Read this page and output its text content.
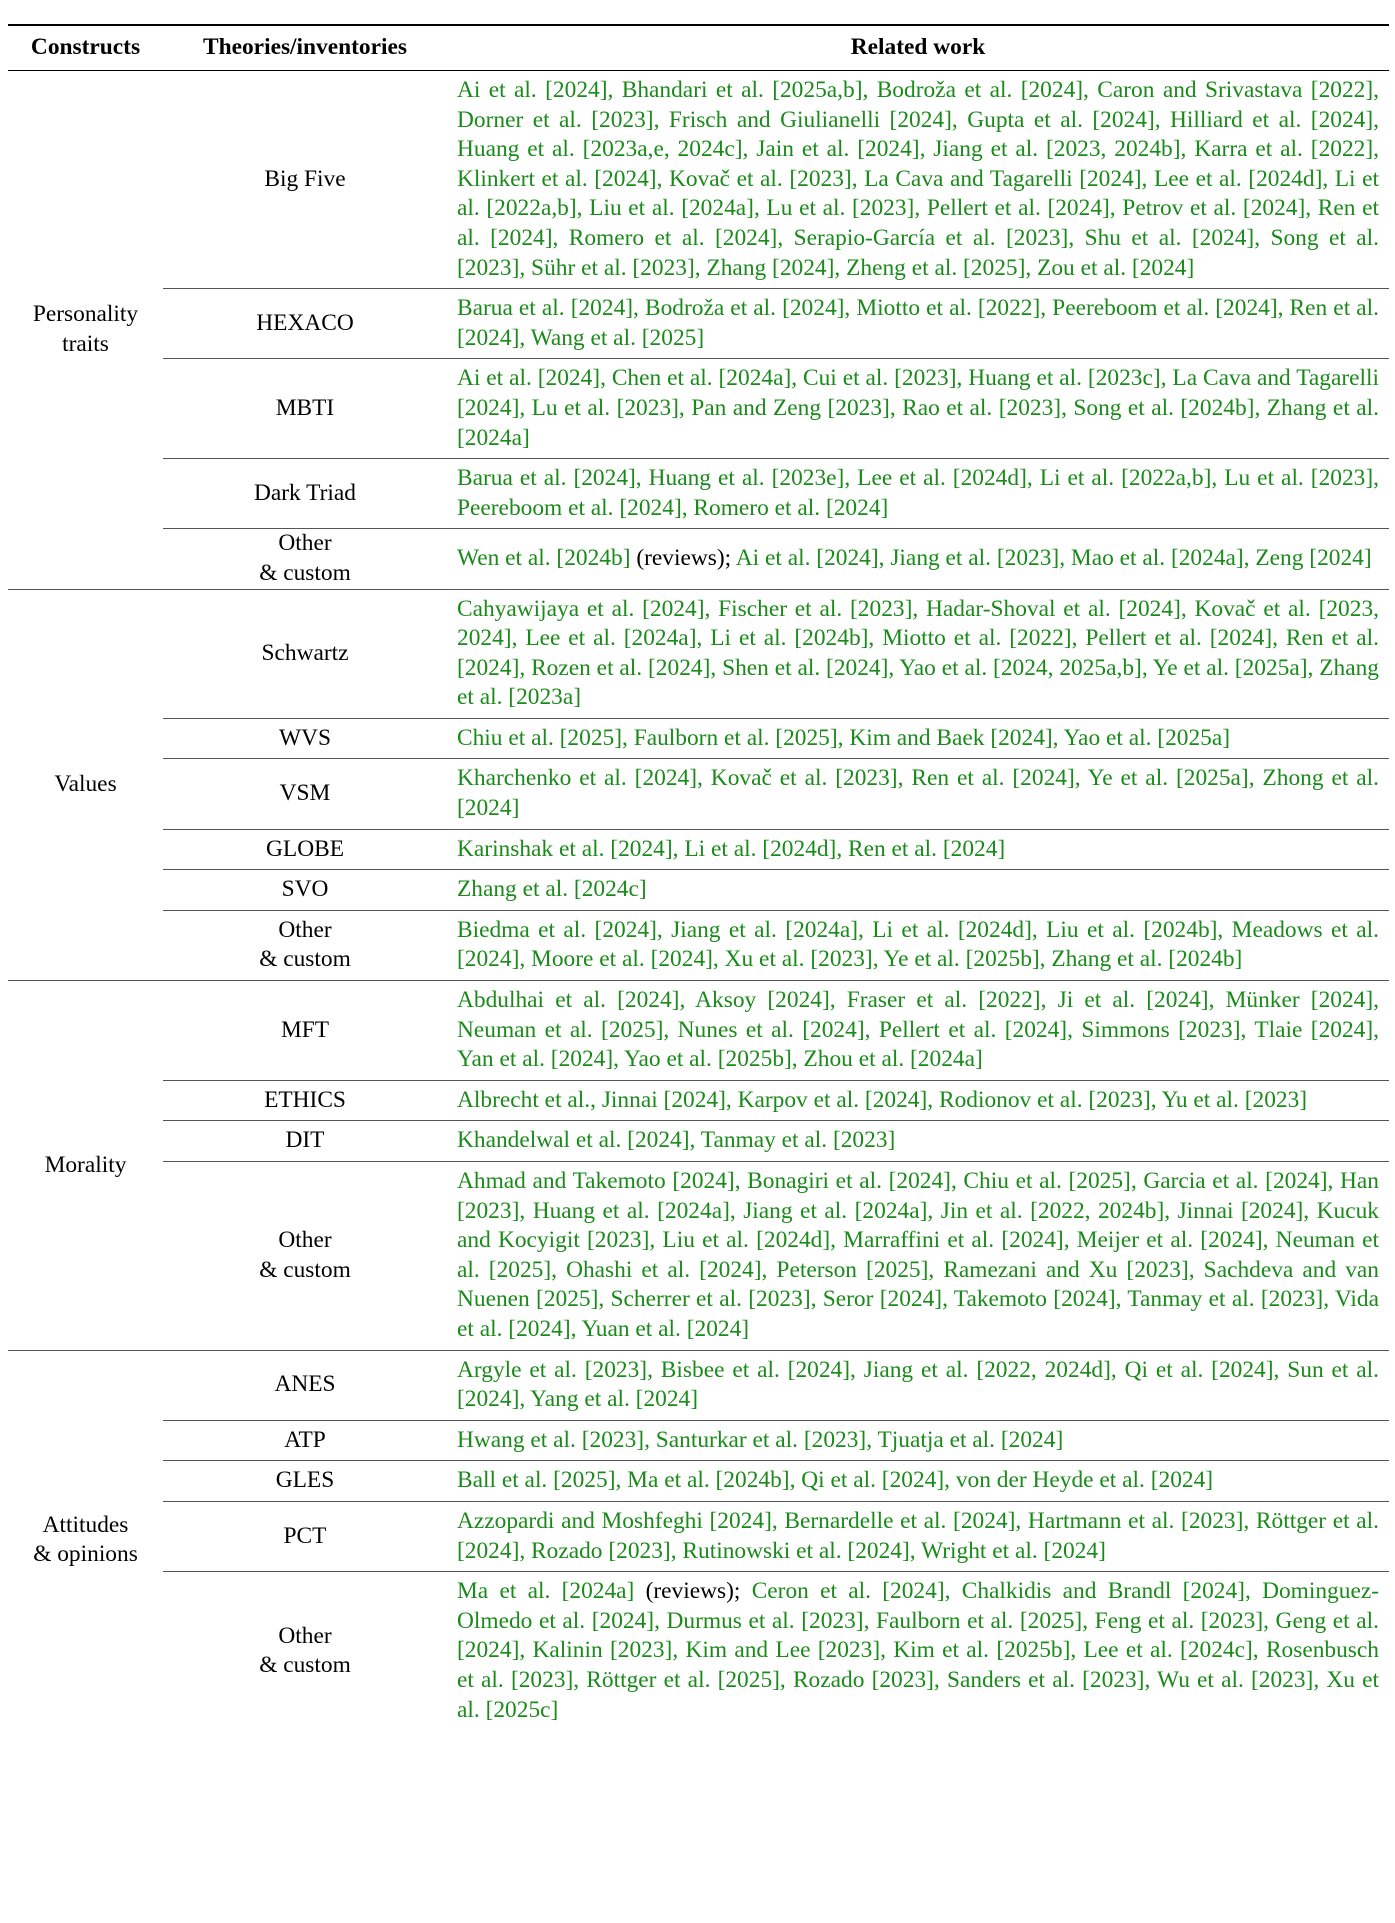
Constructs	Theories/inventories	Related work

Personality
traits	Big Five	Ai et al. [2024], Bhandari et al. [2025a,b], Bodroža et al. [2024], Caron and Srivastava [2022], Dorner et al. [2023], Frisch and Giulianelli [2024], Gupta et al. [2024], Hilliard et al. [2024], Huang et al. [2023a,e, 2024c], Jain et al. [2024], Jiang et al. [2023, 2024b], Karra et al. [2022], Klinkert et al. [2024], Kovač et al. [2023], La Cava and Tagarelli [2024], Lee et al. [2024d], Li et al. [2022a,b], Liu et al. [2024a], Lu et al. [2023], Pellert et al. [2024], Petrov et al. [2024], Ren et al. [2024], Romero et al. [2024], Serapio-García et al. [2023], Shu et al. [2024], Song et al. [2023], Sühr et al. [2023], Zhang [2024], Zheng et al. [2025], Zou et al. [2024]

	HEXACO	Barua et al. [2024], Bodroža et al. [2024], Miotto et al. [2022], Peereboom et al. [2024], Ren et al. [2024], Wang et al. [2025]

	MBTI	Ai et al. [2024], Chen et al. [2024a], Cui et al. [2023], Huang et al. [2023c], La Cava and Tagarelli [2024], Lu et al. [2023], Pan and Zeng [2023], Rao et al. [2023], Song et al. [2024b], Zhang et al. [2024a]

	Dark Triad	Barua et al. [2024], Huang et al. [2023e], Lee et al. [2024d], Li et al. [2022a,b], Lu et al. [2023], Peereboom et al. [2024], Romero et al. [2024]

	Other
& custom	Wen et al. [2024b] (reviews); Ai et al. [2024], Jiang et al. [2023], Mao et al. [2024a], Zeng [2024]

Values	Schwartz	Cahyawijaya et al. [2024], Fischer et al. [2023], Hadar-Shoval et al. [2024], Kovač et al. [2023, 2024], Lee et al. [2024a], Li et al. [2024b], Miotto et al. [2022], Pellert et al. [2024], Ren et al. [2024], Rozen et al. [2024], Shen et al. [2024], Yao et al. [2024, 2025a,b], Ye et al. [2025a], Zhang et al. [2023a]

	WVS	Chiu et al. [2025], Faulborn et al. [2025], Kim and Baek [2024], Yao et al. [2025a]

	VSM	Kharchenko et al. [2024], Kovač et al. [2023], Ren et al. [2024], Ye et al. [2025a], Zhong et al. [2024]

	GLOBE	Karinshak et al. [2024], Li et al. [2024d], Ren et al. [2024]

	SVO	Zhang et al. [2024c]

	Other
& custom	Biedma et al. [2024], Jiang et al. [2024a], Li et al. [2024d], Liu et al. [2024b], Meadows et al. [2024], Moore et al. [2024], Xu et al. [2023], Ye et al. [2025b], Zhang et al. [2024b]

Morality	MFT	Abdulhai et al. [2024], Aksoy [2024], Fraser et al. [2022], Ji et al. [2024], Münker [2024], Neuman et al. [2025], Nunes et al. [2024], Pellert et al. [2024], Simmons [2023], Tlaie [2024], Yan et al. [2024], Yao et al. [2025b], Zhou et al. [2024a]

	ETHICS	Albrecht et al., Jinnai [2024], Karpov et al. [2024], Rodionov et al. [2023], Yu et al. [2023]

	DIT	Khandelwal et al. [2024], Tanmay et al. [2023]

	Other
& custom	Ahmad and Takemoto [2024], Bonagiri et al. [2024], Chiu et al. [2025], Garcia et al. [2024], Han [2023], Huang et al. [2024a], Jiang et al. [2024a], Jin et al. [2022, 2024b], Jinnai [2024], Kucuk and Kocyigit [2023], Liu et al. [2024d], Marraffini et al. [2024], Meijer et al. [2024], Neuman et al. [2025], Ohashi et al. [2024], Peterson [2025], Ramezani and Xu [2023], Sachdeva and van Nuenen [2025], Scherrer et al. [2023], Seror [2024], Takemoto [2024], Tanmay et al. [2023], Vida et al. [2024], Yuan et al. [2024]

Attitudes
& opinions	ANES	Argyle et al. [2023], Bisbee et al. [2024], Jiang et al. [2022, 2024d], Qi et al. [2024], Sun et al. [2024], Yang et al. [2024]

	ATP	Hwang et al. [2023], Santurkar et al. [2023], Tjuatja et al. [2024]

	GLES	Ball et al. [2025], Ma et al. [2024b], Qi et al. [2024], von der Heyde et al. [2024]

	PCT	Azzopardi and Moshfeghi [2024], Bernardelle et al. [2024], Hartmann et al. [2023], Röttger et al. [2024], Rozado [2023], Rutinowski et al. [2024], Wright et al. [2024]

	Other
& custom	Ma et al. [2024a] (reviews); Ceron et al. [2024], Chalkidis and Brandl [2024], Dominguez-Olmedo et al. [2024], Durmus et al. [2023], Faulborn et al. [2025], Feng et al. [2023], Geng et al. [2024], Kalinin [2023], Kim and Lee [2023], Kim et al. [2025b], Lee et al. [2024c], Rosenbusch et al. [2023], Röttger et al. [2025], Rozado [2023], Sanders et al. [2023], Wu et al. [2023], Xu et al. [2025c]
